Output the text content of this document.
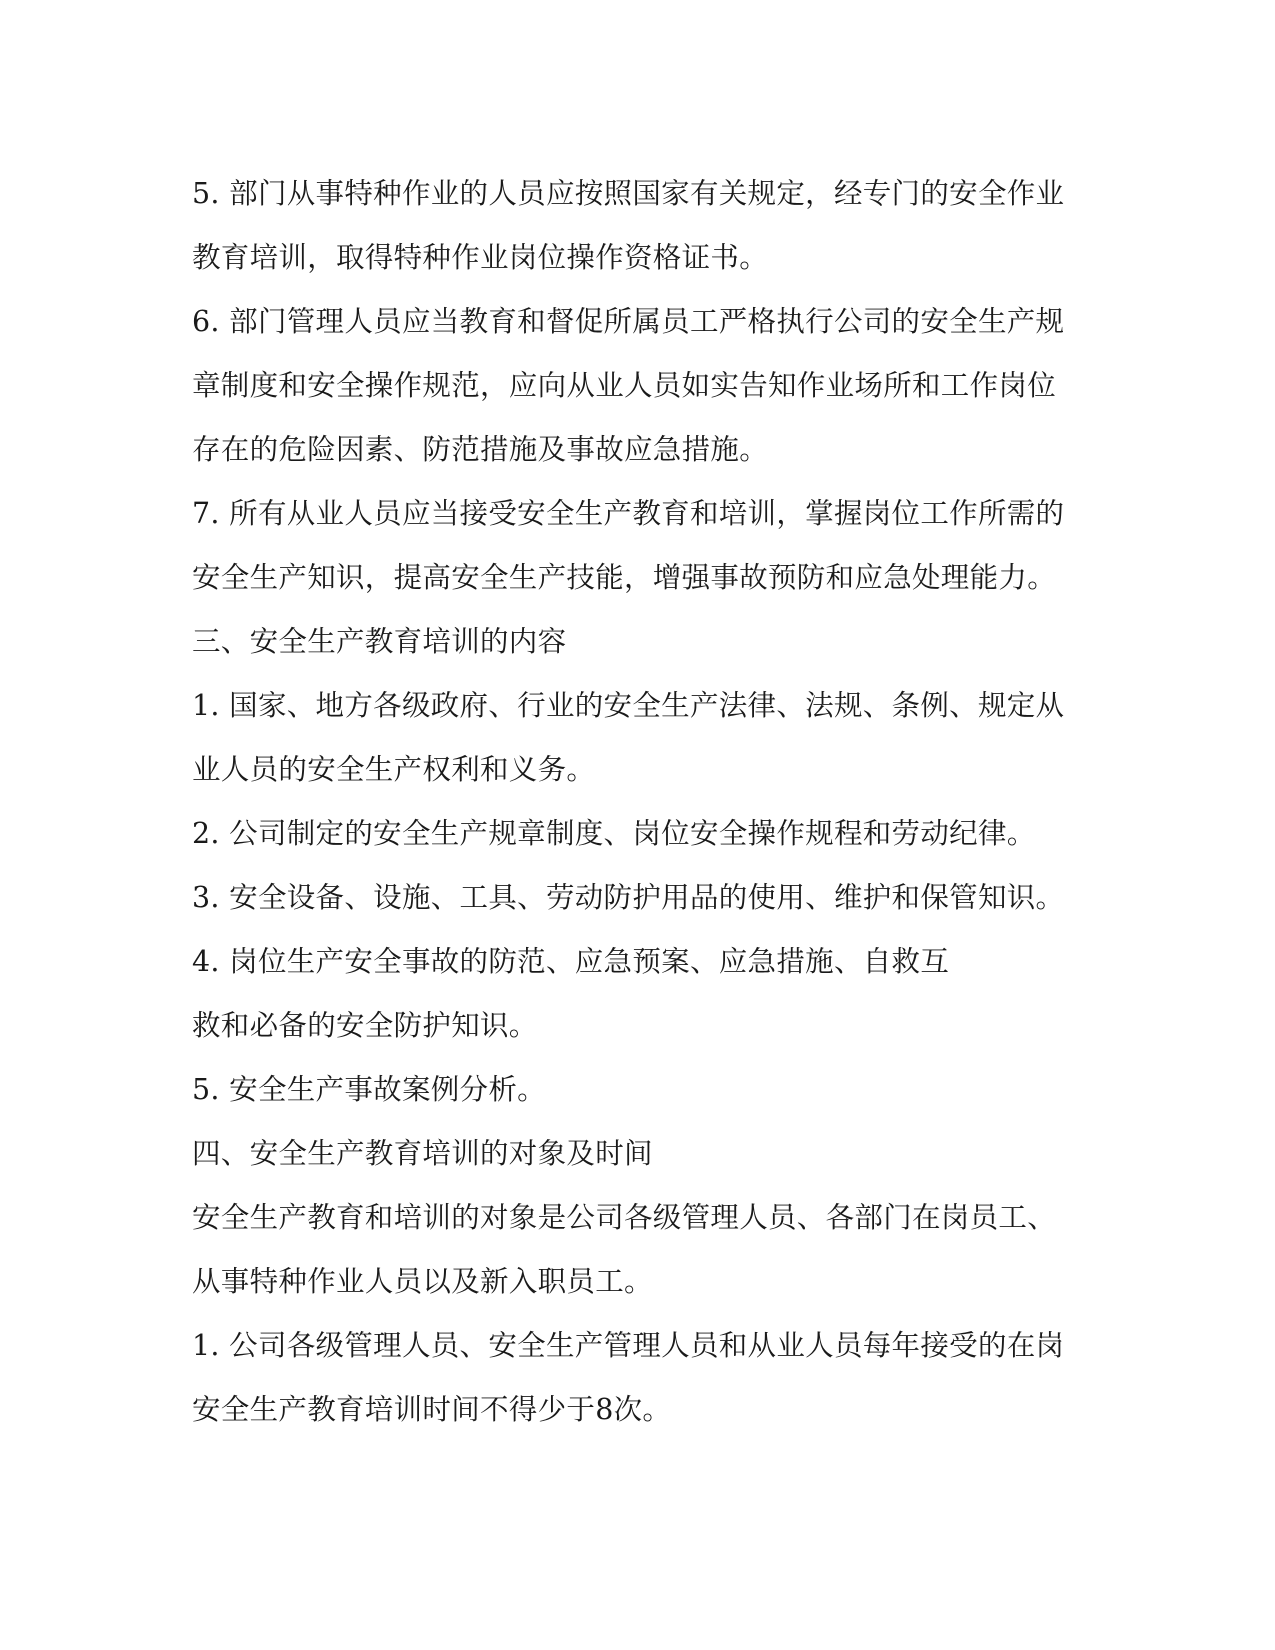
5. 部门从事特种作业的人员应按照国家有关规定，经专门的安全作业
教育培训，取得特种作业岗位操作资格证书。
6. 部门管理人员应当教育和督促所属员工严格执行公司的安全生产规
章制度和安全操作规范，应向从业人员如实告知作业场所和工作岗位
存在的危险因素、防范措施及事故应急措施。
7. 所有从业人员应当接受安全生产教育和培训，掌握岗位工作所需的
安全生产知识，提高安全生产技能，增强事故预防和应急处理能力。
三、安全生产教育培训的内容
1. 国家、地方各级政府、行业的安全生产法律、法规、条例、规定从
业人员的安全生产权利和义务。
2. 公司制定的安全生产规章制度、岗位安全操作规程和劳动纪律。
3. 安全设备、设施、工具、劳动防护用品的使用、维护和保管知识。
4. 岗位生产安全事故的防范、应急预案、应急措施、自救互
救和必备的安全防护知识。
5. 安全生产事故案例分析。
四、安全生产教育培训的对象及时间
安全生产教育和培训的对象是公司各级管理人员、各部门在岗员工、
从事特种作业人员以及新入职员工。
1. 公司各级管理人员、安全生产管理人员和从业人员每年接受的在岗
安全生产教育培训时间不得少于8次。
